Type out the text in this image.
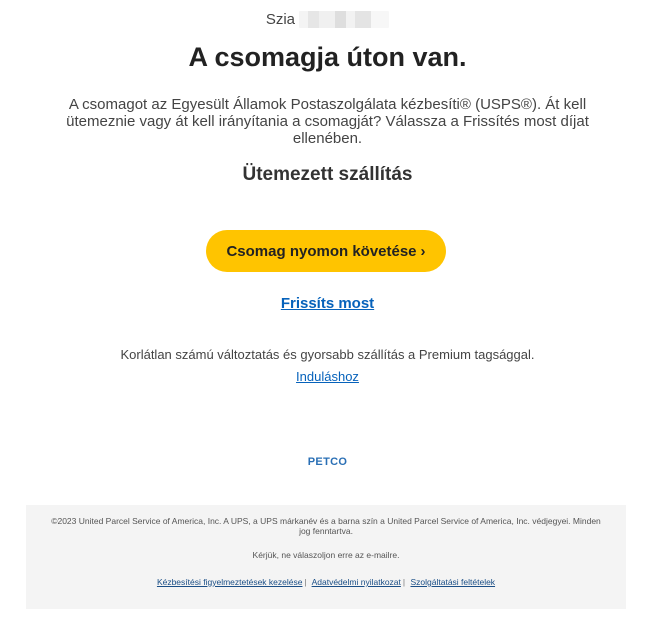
Szia
A csomagja úton van.
A csomagot az Egyesült Államok Postaszolgálata kézbesíti® (USPS®). Át kell ütemeznie vagy át kell irányítania a csomagját? Válassza a Frissítés most díjat ellenében.
Ütemezett szállítás
Csomag nyomon követése ›
Frissíts most
Korlátlan számú változtatás és gyorsabb szállítás a Premium tagsággal.
Induláshoz
PETCO
©2023 United Parcel Service of America, Inc. A UPS, a UPS márkanév és a barna szín a United Parcel Service of America, Inc. védjegyei. Minden jog fenntartva.
Kérjük, ne válaszoljon erre az e-mailre.
Kézbesítési figyelmeztetések kezelése | Adatvédelmi nyilatkozat | Szolgáltatási feltételek
